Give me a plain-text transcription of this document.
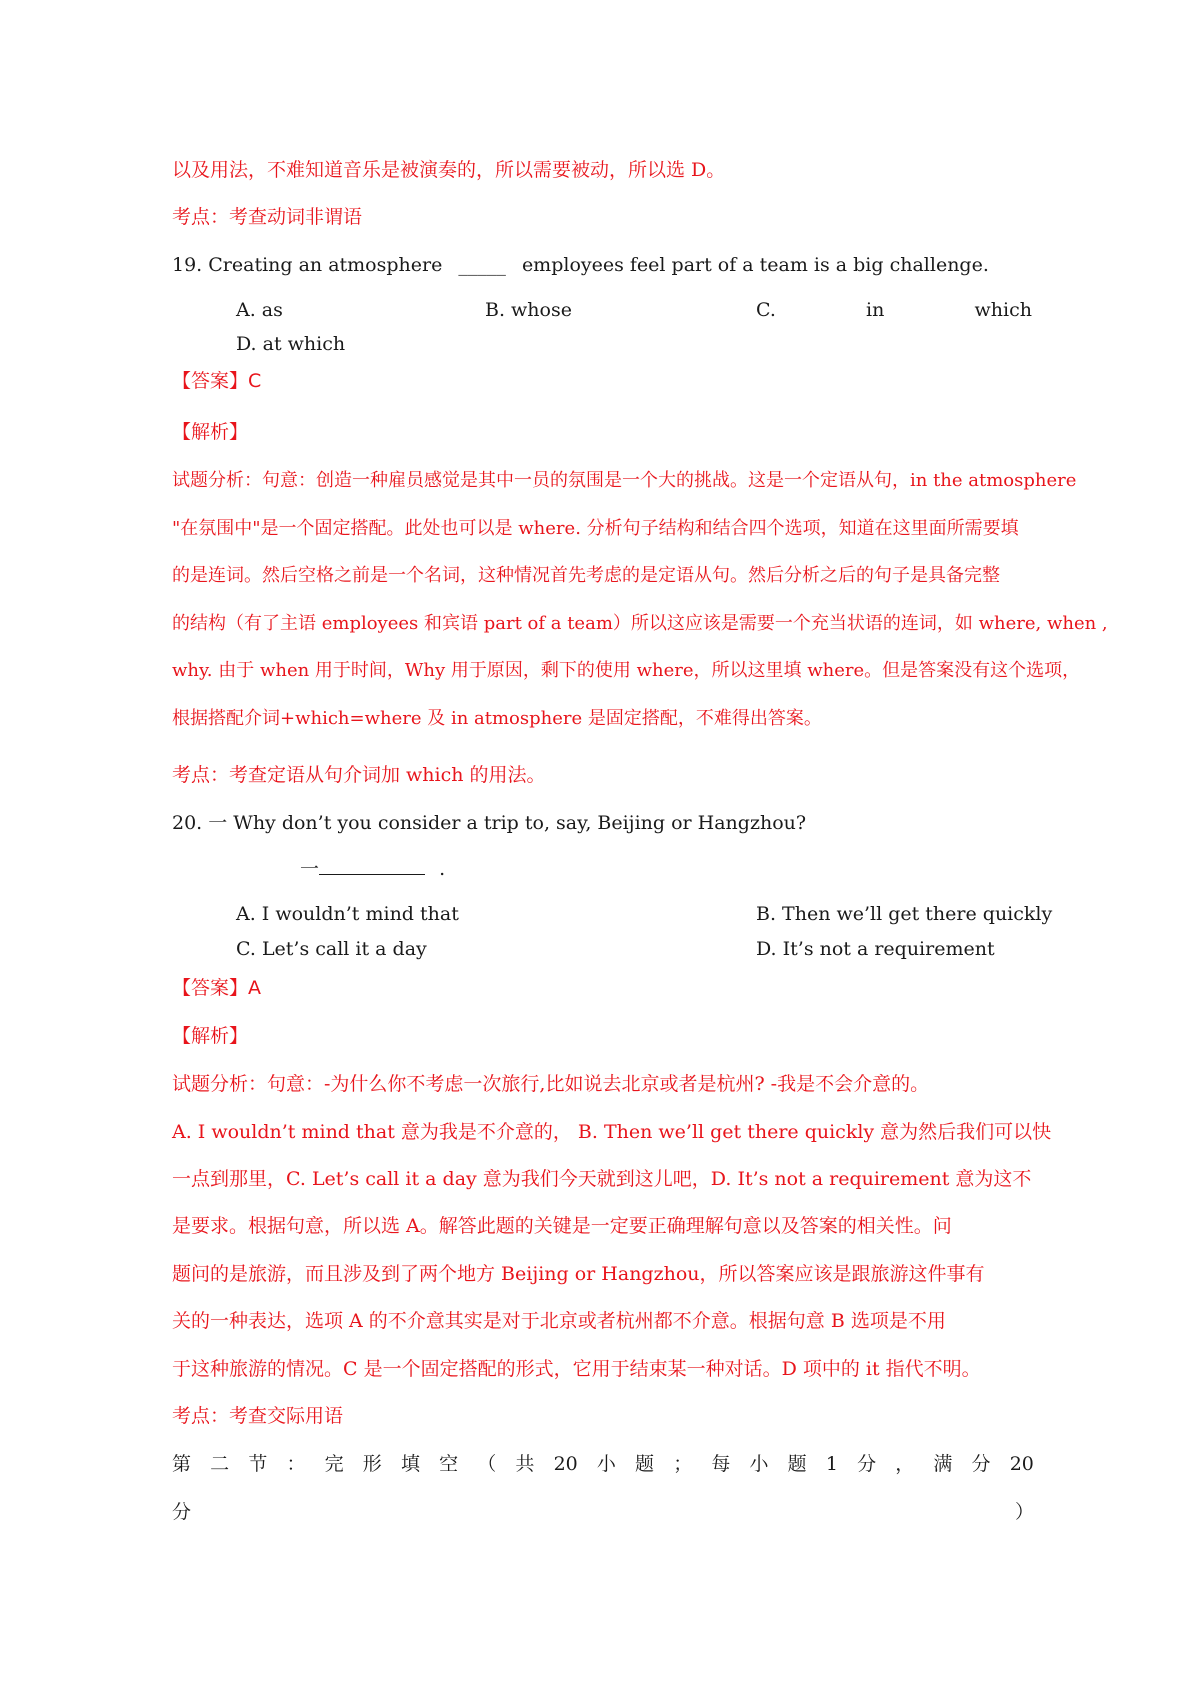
以及用法，不难知道音乐是被演奏的，所以需要被动，所以选 D。
考点：考查动词非谓语
19. Creating an atmosphere _____ employees feel part of a team is a big challenge.
A. as	B. whose	C.	in	which
D. at which
【答案】C
【解析】
试题分析：句意：创造一种雇员感觉是其中一员的氛围是一个大的挑战。这是一个定语从句，in the atmosphere
"在氛围中"是一个固定搭配。此处也可以是 where. 分析句子结构和结合四个选项，知道在这里面所需要填
的是连词。然后空格之前是一个名词，这种情况首先考虑的是定语从句。然后分析之后的句子是具备完整
的结构（有了主语 employees 和宾语 part of a team）所以这应该是需要一个充当状语的连词，如 where, when ,
why. 由于 when 用于时间，Why 用于原因，剩下的使用 where，所以这里填 where。但是答案没有这个选项，
根据搭配介词+which=where 及 in atmosphere 是固定搭配，不难得出答案。
考点：考查定语从句介词加 which 的用法。
20. 一 Why don’t you consider a trip to, say, Beijing or Hangzhou?
一	.
A. I wouldn’t mind that	B. Then we’ll get there quickly
C. Let’s call it a day	D. It’s not a requirement
【答案】A
【解析】
试题分析：句意：-为什么你不考虑一次旅行,比如说去北京或者是杭州? -我是不会介意的。
A. I wouldn’t mind that 意为我是不介意的， B. Then we’ll get there quickly 意为然后我们可以快
一点到那里，C. Let’s call it a day 意为我们今天就到这儿吧，D. It’s not a requirement 意为这不
是要求。根据句意，所以选 A。解答此题的关键是一定要正确理解句意以及答案的相关性。问
题问的是旅游，而且涉及到了两个地方 Beijing or Hangzhou，所以答案应该是跟旅游这件事有
关的一种表达，选项 A 的不介意其实是对于北京或者杭州都不介意。根据句意 B 选项是不用
于这种旅游的情况。C 是一个固定搭配的形式，它用于结束某一种对话。D 项中的 it 指代不明。
考点：考查交际用语
第 二 节 ： 完 形 填 空 （ 共 20 小 题 ； 每 小 题 1 分 ， 满 分 20
分	）
